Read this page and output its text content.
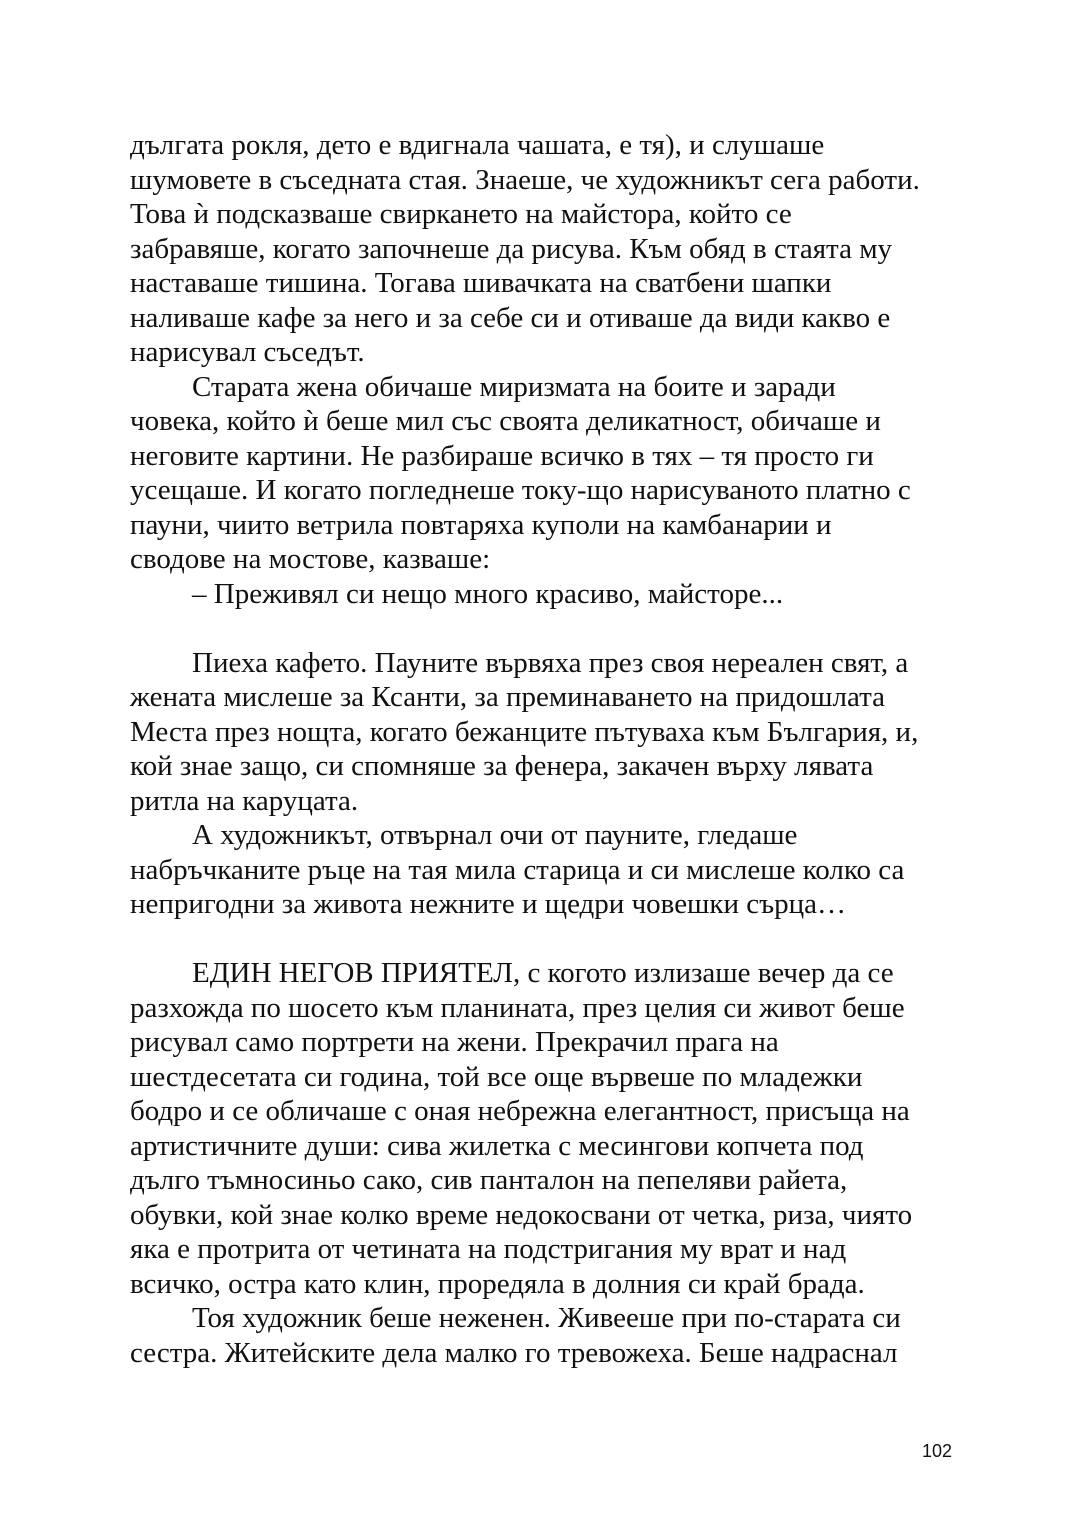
дългата рокля, дето е вдигнала чашата, е тя), и слушаше
шумовете в съседната стая. Знаеше, че художникът сега работи.
Това ѝ подсказваше свиркането на майстора, който се
забравяше, когато започнеше да рисува. Към обяд в стаята му
наставаше тишина. Тогава шивачката на сватбени шапки
наливаше кафе за него и за себе си и отиваше да види какво е
нарисувал съседът.
Старата жена обичаше миризмата на боите и заради
човека, който ѝ беше мил със своята деликатност, обичаше и
неговите картини. Не разбираше всичко в тях – тя просто ги
усещаше. И когато погледнеше току-що нарисуваното платно с
пауни, чиито ветрила повтаряха куполи на камбанарии и
сводове на мостове, казваше:
– Преживял си нещо много красиво, майсторе...
Пиеха кафето. Пауните вървяха през своя нереален свят, а
жената мислеше за Ксанти, за преминаването на придошлата
Места през нощта, когато бежанците пътуваха към България, и,
кой знае защо, си спомняше за фенера, закачен върху лявата
ритла на каруцата.
А художникът, отвърнал очи от пауните, гледаше
набръчканите ръце на тая мила старица и си мислеше колко са
непригодни за живота нежните и щедри човешки сърца…
ЕДИН НЕГОВ ПРИЯТЕЛ, с когото излизаше вечер да се
разхожда по шосето към планината, през целия си живот беше
рисувал само портрети на жени. Прекрачил прага на
шестдесетата си година, той все още вървеше по младежки
бодро и се обличаше с оная небрежна елегантност, присъща на
артистичните души: сива жилетка с месингови копчета под
дълго тъмносиньо сако, сив панталон на пепеляви райета,
обувки, кой знае колко време недокосвани от четка, риза, чиято
яка е протрита от четината на подстригания му врат и над
всичко, остра като клин, проредяла в долния си край брада.
Тоя художник беше неженен. Живееше при по-старата си
сестра. Житейските дела малко го тревожеха. Беше надраснал
102
